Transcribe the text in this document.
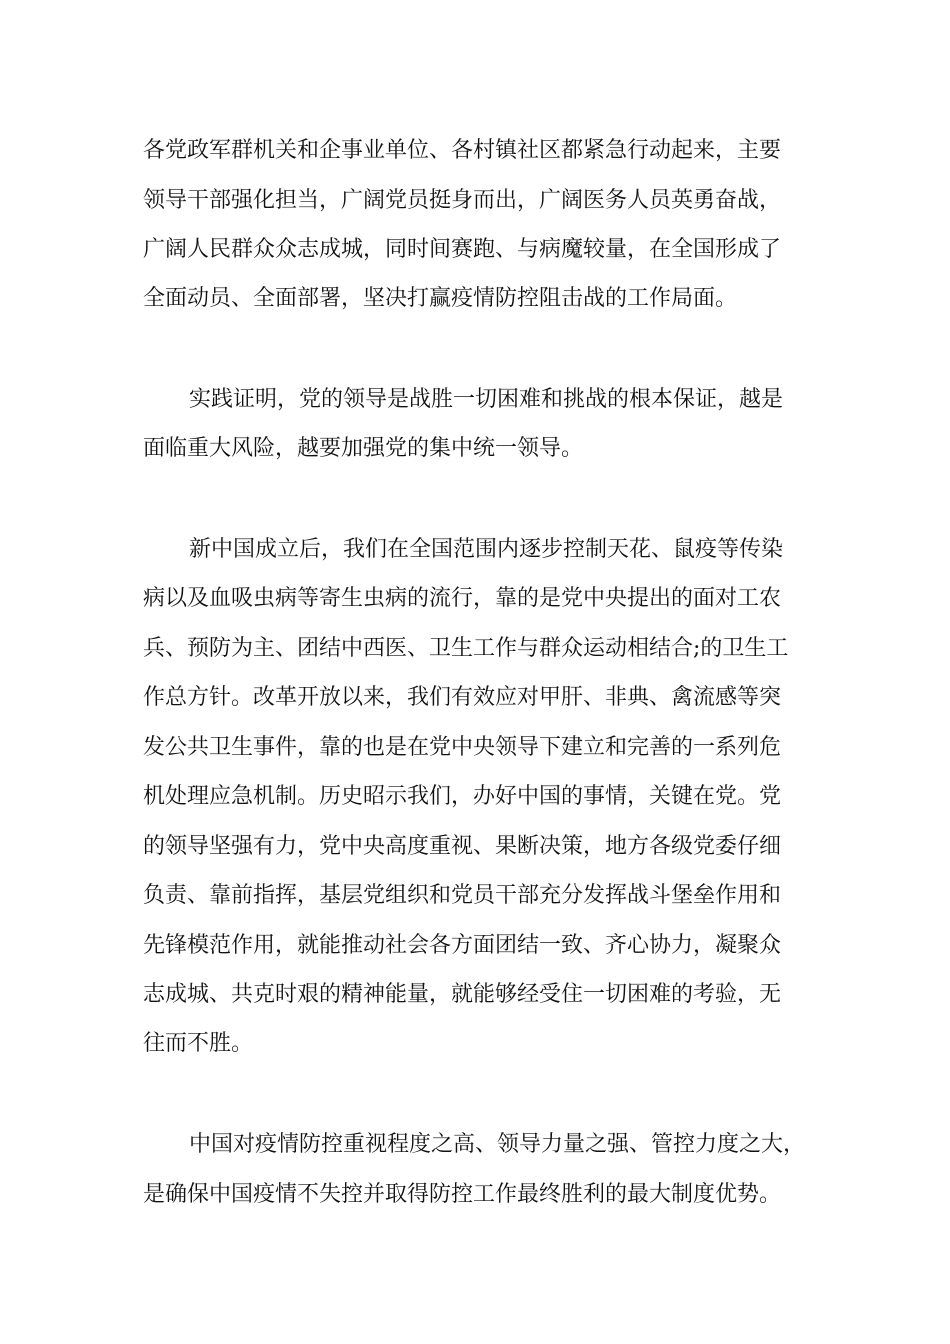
各党政军群机关和企事业单位、各村镇社区都紧急行动起来，主要
领导干部强化担当，广阔党员挺身而出，广阔医务人员英勇奋战，
广阔人民群众众志成城，同时间赛跑、与病魔较量，在全国形成了
全面动员、全面部署，坚决打赢疫情防控阻击战的工作局面。
实践证明，党的领导是战胜一切困难和挑战的根本保证，越是
面临重大风险，越要加强党的集中统一领导。
新中国成立后，我们在全国范围内逐步控制天花、鼠疫等传染
病以及血吸虫病等寄生虫病的流行，靠的是党中央提出的面对工农
兵、预防为主、团结中西医、卫生工作与群众运动相结合;的卫生工
作总方针。改革开放以来，我们有效应对甲肝、非典、禽流感等突
发公共卫生事件，靠的也是在党中央领导下建立和完善的一系列危
机处理应急机制。历史昭示我们，办好中国的事情，关键在党。党
的领导坚强有力，党中央高度重视、果断决策，地方各级党委仔细
负责、靠前指挥，基层党组织和党员干部充分发挥战斗堡垒作用和
先锋模范作用，就能推动社会各方面团结一致、齐心协力，凝聚众
志成城、共克时艰的精神能量，就能够经受住一切困难的考验，无
往而不胜。
中国对疫情防控重视程度之高、领导力量之强、管控力度之大，
是确保中国疫情不失控并取得防控工作最终胜利的最大制度优势。
